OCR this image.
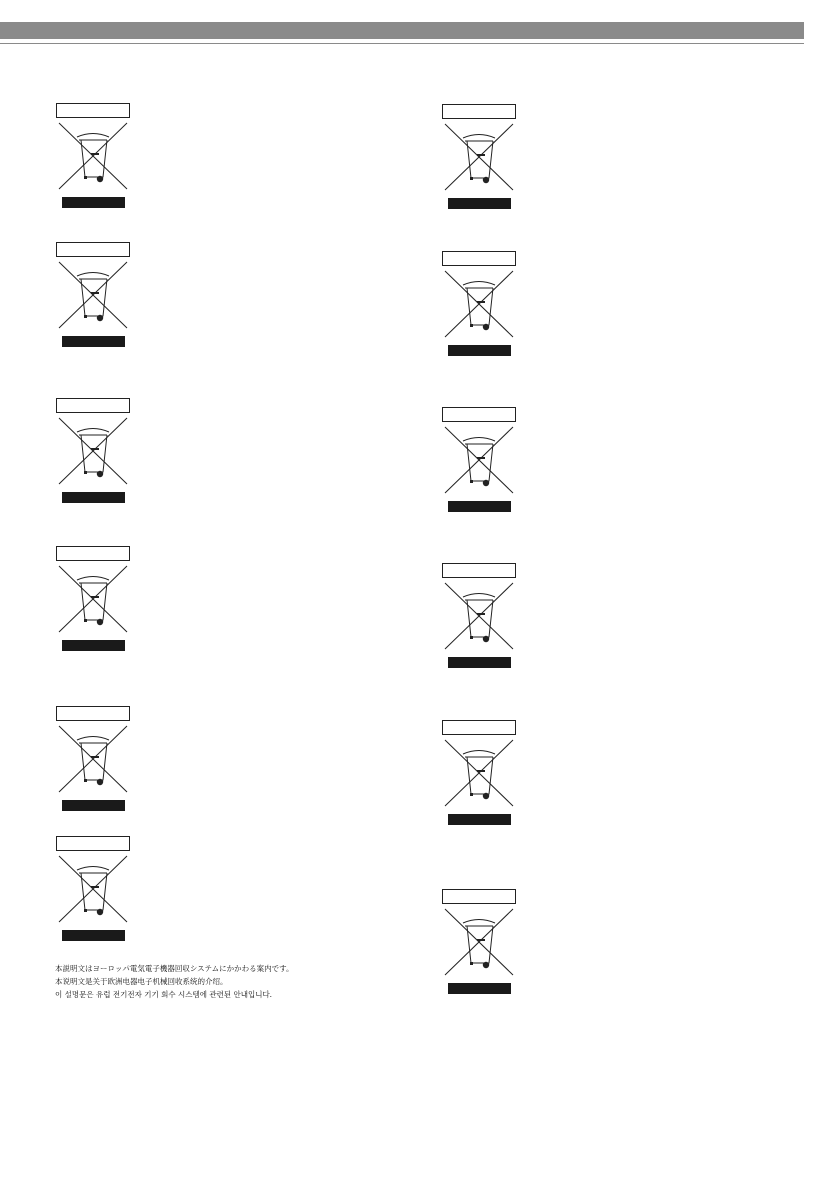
本説明文はヨーロッパ電気電子機器回収システムにかかわる案内です。

本说明文是关于欧洲电器电子机械回收系统的介绍。

이 설명문은 유럽 전기전자 기기 회수 시스템에 관련된 안내입니다.
